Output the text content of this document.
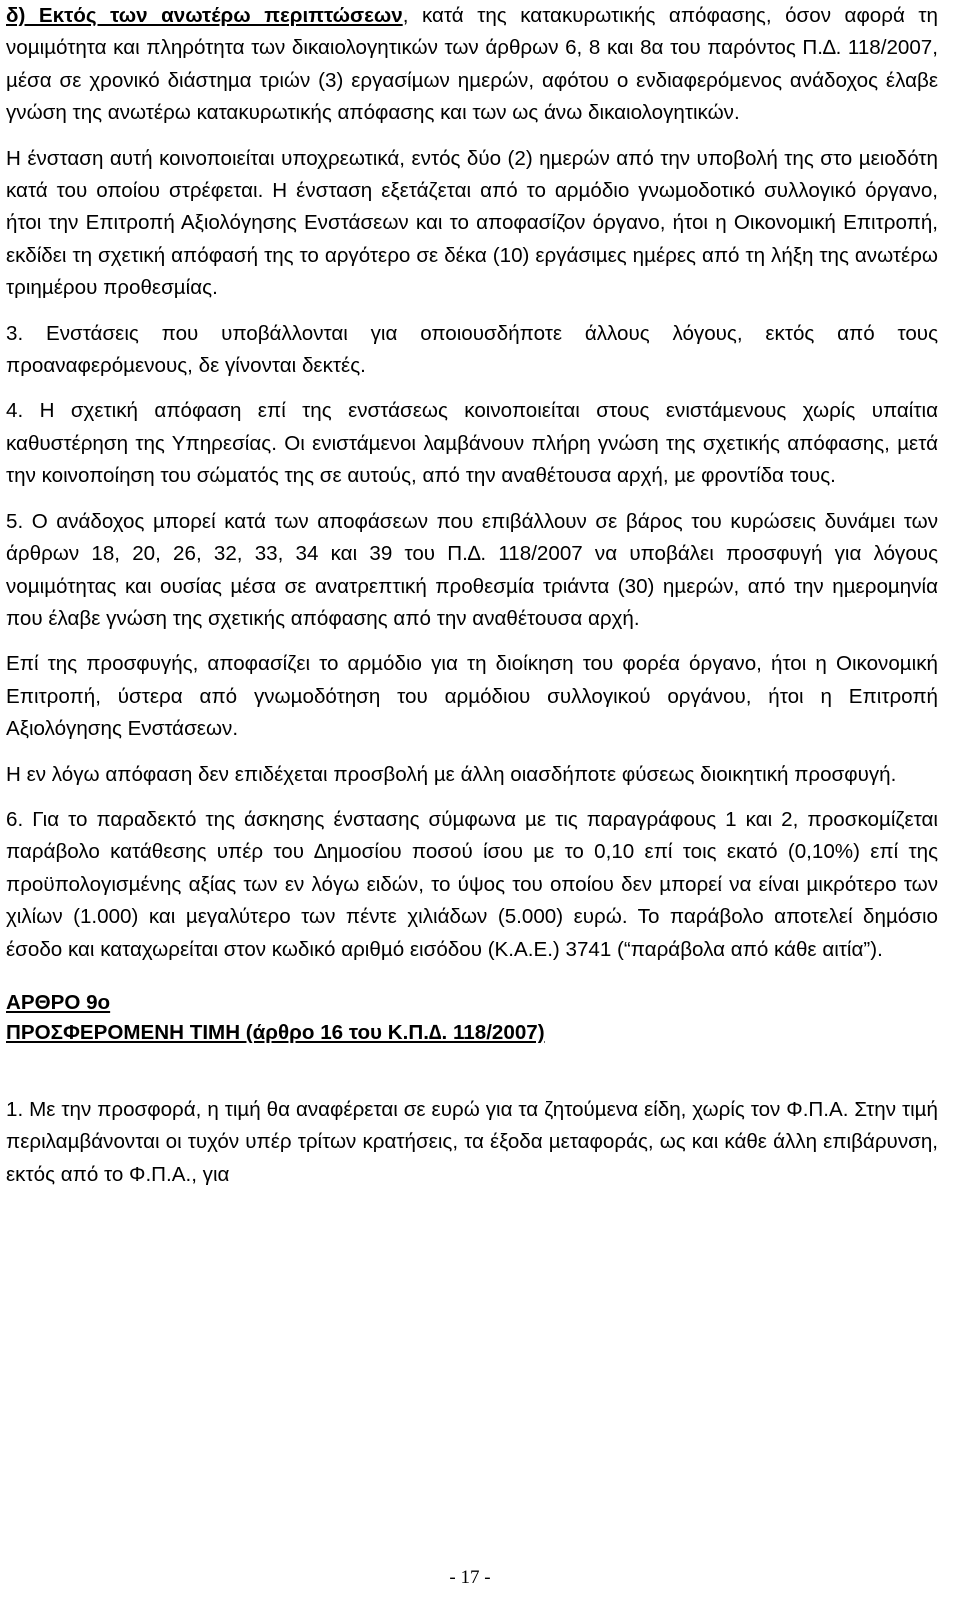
δ) Εκτός των ανωτέρω περιπτώσεων, κατά της κατακυρωτικής απόφασης, όσον αφορά τη νοµιµότητα και πληρότητα των δικαιολογητικών των άρθρων 6, 8 και 8α του παρόντος Π.∆. 118/2007, µέσα σε χρονικό διάστηµα τριών (3) εργασίµων ηµερών, αφότου ο ενδιαφερόµενος ανάδοχος έλαβε γνώση της ανωτέρω κατακυρωτικής απόφασης και των ως άνω δικαιολογητικών.

Η ένσταση αυτή κοινοποιείται υποχρεωτικά, εντός δύο (2) ηµερών από την υποβολή της στο µειοδότη κατά του οποίου στρέφεται. Η ένσταση εξετάζεται από το αρµόδιο γνωµοδοτικό συλλογικό όργανο, ήτοι την Επιτροπή Αξιολόγησης Ενστάσεων και το αποφασίζον όργανο, ήτοι η Οικονοµική Επιτροπή, εκδίδει τη σχετική απόφασή της το αργότερο σε δέκα (10) εργάσιµες ηµέρες από τη λήξη της ανωτέρω τριηµέρου προθεσµίας.

3. Ενστάσεις που υποβάλλονται για οποιουσδήποτε άλλους λόγους, εκτός από τους προαναφερόµενους, δε γίνονται δεκτές.

4. Η σχετική απόφαση επί της ενστάσεως κοινοποιείται στους ενιστάµενους χωρίς υπαίτια καθυστέρηση της Υπηρεσίας. Οι ενιστάµενοι λαµβάνουν πλήρη γνώση της σχετικής απόφασης, µετά την κοινοποίηση του σώµατός της σε αυτούς, από την αναθέτουσα αρχή, µε φροντίδα τους.

5. Ο ανάδοχος µπορεί κατά των αποφάσεων που επιβάλλουν σε βάρος του κυρώσεις δυνάµει των άρθρων 18, 20, 26, 32, 33, 34 και 39 του Π.∆. 118/2007 να υποβάλει προσφυγή για λόγους νοµιµότητας και ουσίας µέσα σε ανατρεπτική προθεσµία τριάντα (30) ηµερών, από την ηµεροµηνία που έλαβε γνώση της σχετικής απόφασης από την αναθέτουσα αρχή.

Επί της προσφυγής, αποφασίζει το αρµόδιο για τη διοίκηση του φορέα όργανο, ήτοι η Οικονοµική Επιτροπή, ύστερα από γνωµοδότηση του αρµόδιου συλλογικού οργάνου, ήτοι η Επιτροπή Αξιολόγησης Ενστάσεων.

Η εν λόγω απόφαση δεν επιδέχεται προσβολή µε άλλη οιασδήποτε φύσεως διοικητική προσφυγή.

6. Για το παραδεκτό της άσκησης ένστασης σύµφωνα µε τις παραγράφους 1 και 2, προσκοµίζεται παράβολο κατάθεσης υπέρ του ∆ηµοσίου ποσού ίσου µε το 0,10 επί τοις εκατό (0,10%) επί της προϋπολογισµένης αξίας των εν λόγω ειδών, το ύψος του οποίου δεν µπορεί να είναι µικρότερο των χιλίων (1.000) και µεγαλύτερο των πέντε χιλιάδων (5.000) ευρώ. Το παράβολο αποτελεί δηµόσιο έσοδο και καταχωρείται στον κωδικό αριθµό εισόδου (Κ.Α.Ε.) 3741 (“παράβολα από κάθε αιτία”).

ΑΡΘΡΟ 9ο

ΠΡΟΣΦΕΡΟΜΕΝΗ ΤΙΜΗ (άρθρο 16 του Κ.Π.∆. 118/2007)

1. Με την προσφορά, η τιµή θα αναφέρεται σε ευρώ για τα ζητούµενα είδη, χωρίς τον Φ.Π.Α. Στην τιµή περιλαµβάνονται οι τυχόν υπέρ τρίτων κρατήσεις, τα έξοδα µεταφοράς, ως και κάθε άλλη επιβάρυνση, εκτός από το Φ.Π.Α., για

- 17 -
